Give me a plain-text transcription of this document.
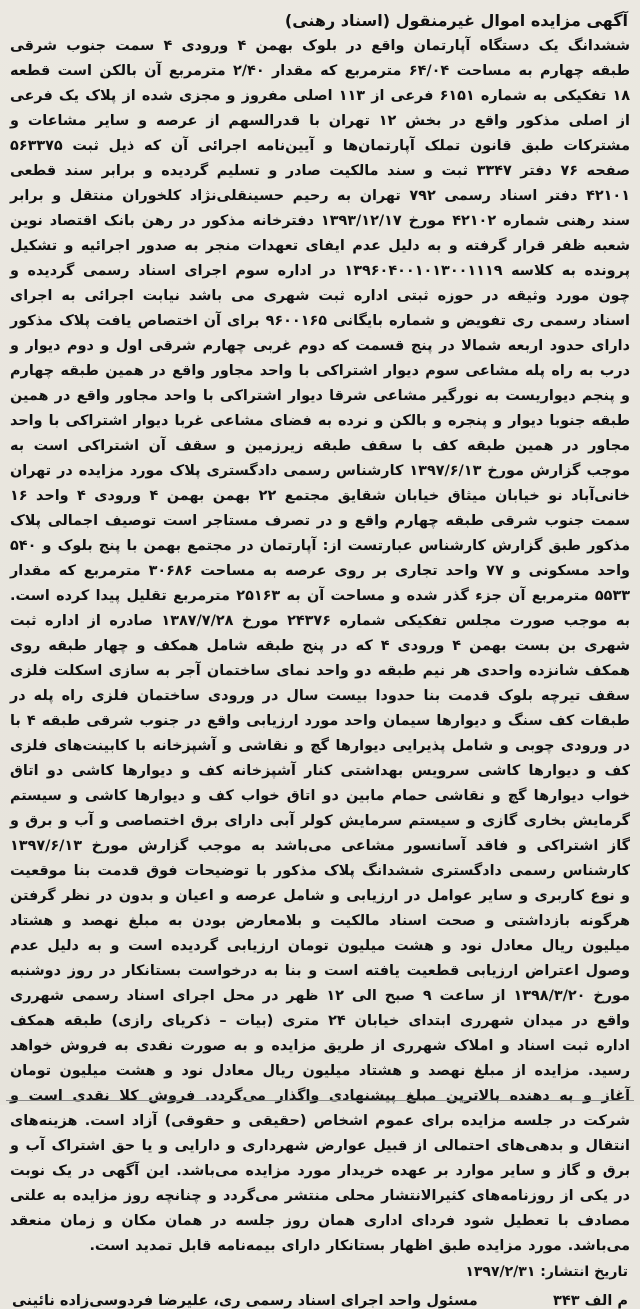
آگهی مزایده اموال غیرمنقول (اسناد رهنی)
ششدانگ یک دستگاه آپارتمان واقع در بلوک بهمن ۴ ورودی ۴ سمت جنوب شرقی طبقه چهارم به مساحت ۶۴/۰۴ مترمربع که مقدار ۲/۴۰ مترمربع آن بالکن است قطعه ۱۸ تفکیکی به شماره ۶۱۵۱ فرعی از ۱۱۳ اصلی مفروز و مجزی شده از پلاک یک فرعی از اصلی مذکور واقع در بخش ۱۲ تهران با قدرالسهم از عرصه و سایر مشاعات و مشترکات طبق قانون تملک آپارتمان‌ها و آیین‌نامه اجرائی آن که ذیل ثبت ۵۶۳۳۷۵ صفحه ۷۶ دفتر ۳۳۴۷ ثبت و سند مالکیت صادر و تسلیم گردیده و برابر سند قطعی ۴۲۱۰۱ دفتر اسناد رسمی ۷۹۲ تهران به رحیم حسینقلی‌نژاد کلخوران منتقل و برابر سند رهنی شماره ۴۲۱۰۲ مورخ ۱۳۹۳/۱۲/۱۷ دفترخانه مذکور در رهن بانک اقتصاد نوین شعبه ظفر قرار گرفته و به دلیل عدم ایفای تعهدات منجر به صدور اجرائیه و تشکیل پرونده به کلاسه ۱۳۹۶۰۴۰۰۱۰۱۳۰۰۱۱۱۹ در اداره سوم اجرای اسناد رسمی گردیده و چون مورد وثیقه در حوزه ثبتی اداره ثبت شهری می باشد نیابت اجرائی به اجرای اسناد رسمی ری تفویض و شماره بایگانی ۹۶۰۰۱۶۵ برای آن اختصاص یافت پلاک مذکور دارای حدود اربعه شمالا در پنج قسمت که دوم غربی چهارم شرقی اول و دوم دیوار و درب به راه پله مشاعی سوم دیوار اشتراکی با واحد مجاور واقع در همین طبقه چهارم و پنجم دیواریست به نورگیر مشاعی شرقا دیوار اشتراکی با واحد مجاور واقع در همین طبقه جنوبا دیوار و پنجره و بالکن و نرده به فضای مشاعی غربا دیوار اشتراکی با واحد مجاور در همین طبقه کف با سقف طبقه زیرزمین و سقف آن اشتراکی است به موجب گزارش مورخ ۱۳۹۷/۶/۱۳ کارشناس رسمی دادگستری پلاک مورد مزایده در تهران خانی‌آباد نو خیابان میثاق خیابان شقایق مجتمع ۲۲ بهمن بهمن ۴ ورودی ۴ واحد ۱۶ سمت جنوب شرقی طبقه چهارم واقع و در تصرف مستاجر است توصیف اجمالی پلاک مذکور طبق گزارش کارشناس عبارتست از: آپارتمان در مجتمع بهمن با پنج بلوک و ۵۴۰ واحد مسکونی و ۷۷ واحد تجاری بر روی عرصه به مساحت ۳۰۶۸۶ مترمربع که مقدار ۵۵۳۳ مترمربع آن جزء گذر شده و مساحت آن به ۲۵۱۶۳ مترمربع تقلیل پیدا کرده است. به موجب صورت مجلس تفکیکی شماره ۲۴۳۷۶ مورخ ۱۳۸۷/۷/۲۸ صادره از اداره ثبت شهری بن بست بهمن ۴ ورودی ۴ که در پنج طبقه شامل همکف و چهار طبقه روی همکف شانزده واحدی هر نیم طبقه دو واحد نمای ساختمان آجر به سازی اسکلت فلزی سقف تیرچه بلوک قدمت بنا حدودا بیست سال در ورودی ساختمان فلزی راه پله در طبقات کف سنگ و دیوارها سیمان واحد مورد ارزیابی واقع در جنوب شرقی طبقه ۴ با در ورودی چوبی و شامل پذیرایی دیوارها گچ و نقاشی و آشپزخانه با کابینت‌های فلزی کف و دیوارها کاشی سرویس بهداشتی کنار آشپزخانه کف و دیوارها کاشی دو اتاق خواب دیوارها گچ و نقاشی حمام مابین دو اتاق خواب کف و دیوارها کاشی و سیستم گرمایش بخاری گازی و سیستم سرمایش کولر آبی دارای برق اختصاصی و آب و برق و گاز اشتراکی و فاقد آسانسور مشاعی می‌باشد به موجب گزارش مورخ ۱۳۹۷/۶/۱۳ کارشناس رسمی دادگستری ششدانگ پلاک مذکور با توضیحات فوق قدمت بنا موقعیت و نوع کاربری و سایر عوامل در ارزیابی و شامل عرصه و اعیان و بدون در نظر گرفتن هرگونه بازداشتی و صحت اسناد مالکیت و بلامعارض بودن به مبلغ نهصد و هشتاد میلیون ریال معادل نود و هشت میلیون تومان ارزیابی گردیده است و به دلیل عدم وصول اعتراض ارزیابی قطعیت یافته است و بنا به درخواست بستانکار در روز دوشنبه مورخ ۱۳۹۸/۳/۲۰ از ساعت ۹ صبح الی ۱۲ ظهر در محل اجرای اسناد رسمی شهرری واقع در میدان شهرری ابتدای خیابان ۲۴ متری (بیات – ذکریای رازی) طبقه همکف اداره ثبت اسناد و املاک شهرری از طریق مزایده و به صورت نقدی به فروش خواهد رسید. مزایده از مبلغ نهصد و هشتاد میلیون ریال معادل نود و هشت میلیون تومان آغاز و به دهنده بالاترین مبلغ پیشنهادی واگذار می‌گردد. فروش کلا نقدی است و شرکت در جلسه مزایده برای عموم اشخاص (حقیقی و حقوقی) آزاد است. هزینه‌های انتقال و بدهی‌های احتمالی از قبیل عوارض شهرداری و دارایی و یا حق اشتراک آب و برق و گاز و سایر موارد بر عهده خریدار مورد مزایده می‌باشد. این آگهی در یک نوبت در یکی از روزنامه‌های کثیرالانتشار محلی منتشر می‌گردد و چنانچه روز مزایده به علتی مصادف با تعطیل شود فردای اداری همان روز جلسه در همان مکان و زمان منعقد می‌باشد. مورد مزایده طبق اظهار بستانکار دارای بیمه‌نامه قابل تمدید است.
تاریخ انتشار: ۱۳۹۷/۲/۳۱
م الف ۳۴۳
مسئول واحد اجرای اسناد رسمی ری، علیرضا فردوسی‌زاده نائینی
